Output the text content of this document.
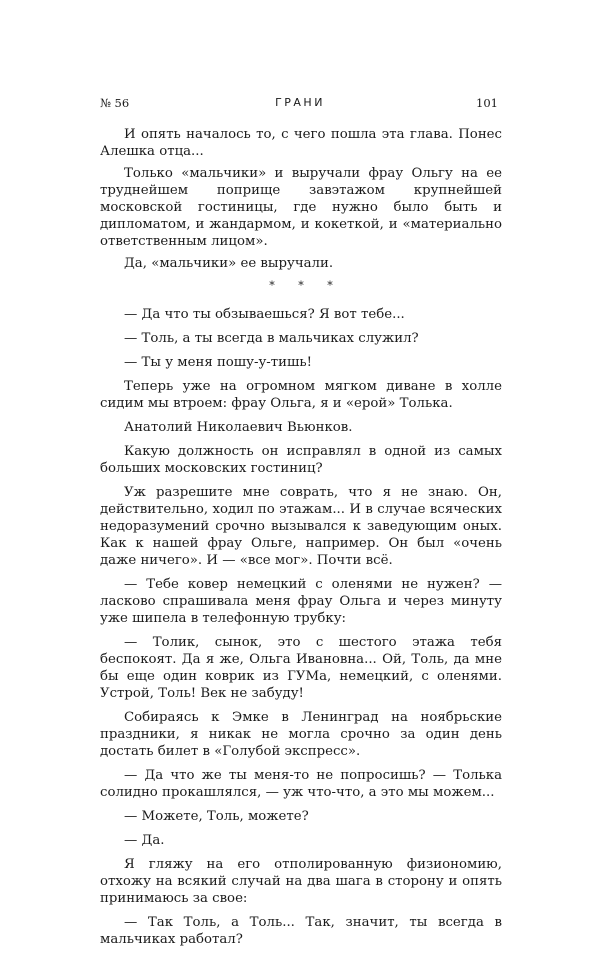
№ 56	ГРАНИ	101

И опять началось то, с чего пошла эта глава. Понес Алешка отца...

Только «мальчики» и выручали фрау Ольгу на ее труднейшем поприще завэтажом крупнейшей московской гостиницы, где нужно было быть и дипломатом, и жандармом, и кокеткой, и «материально ответственным лицом».

Да, «мальчики» ее выручали.

* * *

— Да что ты обзываешься? Я вот тебе...

— Толь, а ты всегда в мальчиках служил?

— Ты у меня пошу-у-тишь!

Теперь уже на огромном мягком диване в холле сидим мы втроем: фрау Ольга, я и «ерой» Толька.

Анатолий Николаевич Вьюнков.

Какую должность он исправлял в одной из самых больших московских гостиниц?

Уж разрешите мне соврать, что я не знаю. Он, действительно, ходил по этажам... И в случае всяческих недоразумений срочно вызывался к заведующим оных. Как к нашей фрау Ольге, например. Он был «очень даже ничего». И — «все мог». Почти всё.

— Тебе ковер немецкий с оленями не нужен? — ласково спрашивала меня фрау Ольга и через минуту уже шипела в телефонную трубку:

— Толик, сынок, это с шестого этажа тебя беспокоят. Да я же, Ольга Ивановна... Ой, Толь, да мне бы еще один коврик из ГУМа, немецкий, с оленями. Устрой, Толь! Век не забуду!

Собираясь к Эмке в Ленинград на ноябрьские праздники, я никак не могла срочно за один день достать билет в «Голубой экспресс».

— Да что же ты меня-то не попросишь? — Толька солидно прокашлялся, — уж что-что, а это мы можем...

— Можете, Толь, можете?

— Да.

Я гляжу на его отполированную физиономию, отхожу на всякий случай на два шага в сторону и опять принимаюсь за свое:

— Так Толь, а Толь... Так, значит, ты всегда в мальчиках работал?
